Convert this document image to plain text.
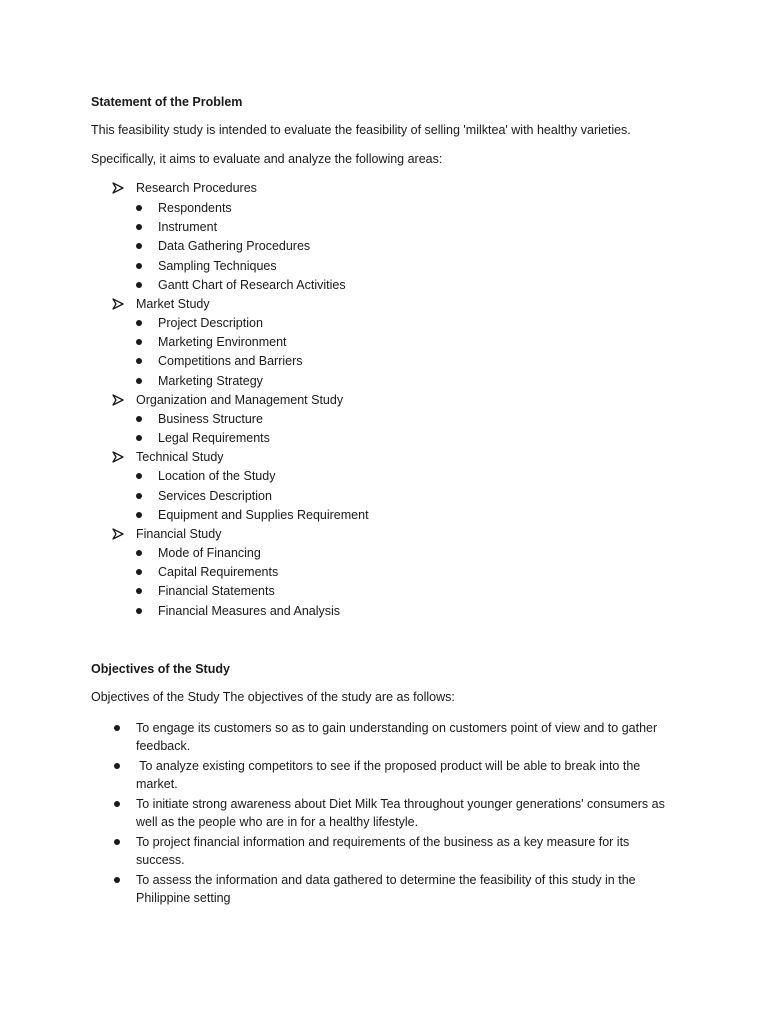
Statement of the Problem
This feasibility study is intended to evaluate the feasibility of selling 'milktea' with healthy varieties.
Specifically, it aims to evaluate and analyze the following areas:
Research Procedures
Respondents
Instrument
Data Gathering Procedures
Sampling Techniques
Gantt Chart of Research Activities
Market Study
Project Description
Marketing Environment
Competitions and Barriers
Marketing Strategy
Organization and Management Study
Business Structure
Legal Requirements
Technical Study
Location of the Study
Services Description
Equipment and Supplies Requirement
Financial Study
Mode of Financing
Capital Requirements
Financial Statements
Financial Measures and Analysis
Objectives of the Study
Objectives of the Study The objectives of the study are as follows:
To engage its customers so as to gain understanding on customers point of view and to gather
feedback.
To analyze existing competitors to see if the proposed product will be able to break into the
market.
To initiate strong awareness about Diet Milk Tea throughout younger generations' consumers as
well as the people who are in for a healthy lifestyle.
To project financial information and requirements of the business as a key measure for its
success.
To assess the information and data gathered to determine the feasibility of this study in the
Philippine setting
